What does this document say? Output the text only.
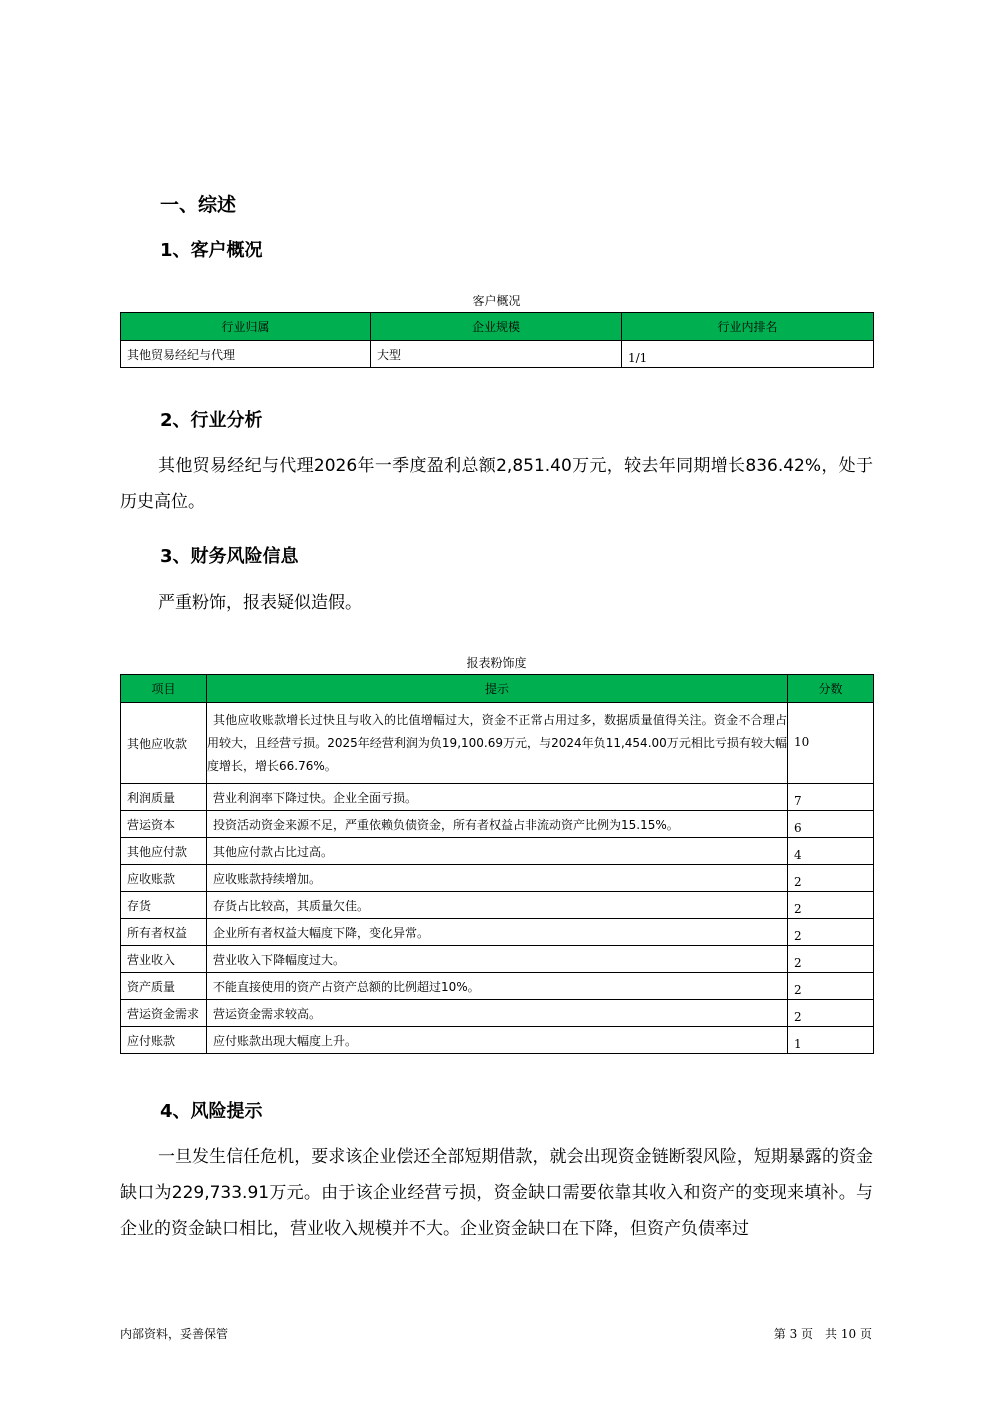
一、综述
1、客户概况
客户概况
行业归属	企业规模	行业内排名
其他贸易经纪与代理	大型	1/1
2、行业分析
其他贸易经纪与代理2026年一季度盈利总额2,851.40万元，较去年同期增长836.42%，处于历史高位。
3、财务风险信息
严重粉饰，报表疑似造假。
报表粉饰度
项目	提示	分数
其他应收款	其他应收账款增长过快且与收入的比值增幅过大，资金不正常占用过多，数据质量值得关注。资金不合理占用较大，且经营亏损。2025年经营利润为负19,100.69万元，与2024年负11,454.00万元相比亏损有较大幅度增长，增长66.76%。	10
利润质量	营业利润率下降过快。企业全面亏损。	7
营运资本	投资活动资金来源不足，严重依赖负债资金，所有者权益占非流动资产比例为15.15%。	6
其他应付款	其他应付款占比过高。	4
应收账款	应收账款持续增加。	2
存货	存货占比较高，其质量欠佳。	2
所有者权益	企业所有者权益大幅度下降，变化异常。	2
营业收入	营业收入下降幅度过大。	2
资产质量	不能直接使用的资产占资产总额的比例超过10%。	2
营运资金需求	营运资金需求较高。	2
应付账款	应付账款出现大幅度上升。	1
4、风险提示
一旦发生信任危机，要求该企业偿还全部短期借款，就会出现资金链断裂风险，短期暴露的资金缺口为229,733.91万元。由于该企业经营亏损，资金缺口需要依靠其收入和资产的变现来填补。与企业的资金缺口相比，营业收入规模并不大。企业资金缺口在下降，但资产负债率过
内部资料，妥善保管	第 3 页　共 10 页
